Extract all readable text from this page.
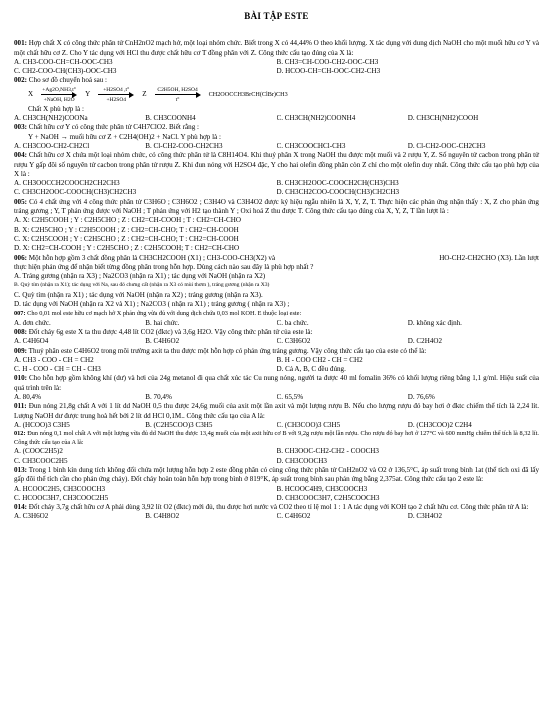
BÀI TẬP ESTE

001: Hợp chất X có công thức phân tử CnH2nO2 mạch hở, một loại nhóm chức. Biết trong X có 44,44% O theo khối lượng. X tác dụng với dung dịch NaOH cho một muối hữu cơ Y và một chất hữu cơ Z. Cho Y tác dụng với HCl thu được chất hữu cơ T đồng phân với Z. Công thức cấu tạo đúng của X là:

A. CH3-COO-CH=CH-OOC-CH3	B. CH3=CH-COO-CH2-OOC-CH3
C. CH2-COO-CH(CH3)-OOC-CH3	D. HCOO-CH=CH-OOC-CH2-CH3

002: Cho sơ đồ chuyển hoá sau :

X
+Ag2O,NH3,t°
+NaOH, H2O
Y
+H2SO4 ,t°
+H2SO4
Z
C2H5OH, H2SO4
t°
CH2OOCCH3BrCH(ClBr)CH3

Chất X phù hợp là :

A. CH3CH(NH2)COONa	B. CH3COONH4	C. CH3CH(NH2)COONH4	D. CH3CH(NH2)COOH

003: Chất hữu cơ Y có công thức phân tử C4H7ClO2. Biết rằng :

Y + NaOH → muối hữu cơ Z + C2H4(OH)2 + NaCl. Y phù hợp là :

A. CH3COO-CH2-CH2Cl	B. Cl-CH2-COO-CH2CH3	C. CH3COOCHCl-CH3	D. Cl-CH2-OOC-CH2CH3

004: Chất hữu cơ X chứa một loại nhóm chức, có công thức phân tử là C8H14O4. Khi thuỷ phân X trong NaOH thu được một muối và 2 rượu Y, Z. Số nguyên tử cacbon trong phân tử rượu Y gấp đôi số nguyên tử cacbon trong phân tử rượu Z. Khi đun nóng với H2SO4 đặc, Y cho hai olefin đồng phân còn Z chỉ cho một olefin duy nhất. Công thức cấu tạo phù hợp của X là :

A. CH3OOCCH2COOCH2CH2CH3	B. CH3CH2OOC-COOCH2CH(CH3)CH3
C. CH3CH2OOC-COOCH(CH3)CH2CH3	D. CH3CH2COO-COOCH(CH3)CH2CH3

005: Có 4 chất ứng với 4 công thức phân tử C3H6O ; C3H6O2 ; C3H4O và C3H4O2 được ký hiệu ngẫu nhiên là X, Y, Z, T. Thực hiện các phản ứng nhận thấy : X, Z cho phản ứng tráng gương ; Y, T phản ứng được với NaOH ; T phản ứng với H2 tạo thành Y ; Oxi hoá Z thu được T. Công thức cấu tạo đúng của X, Y, Z, T lần lượt là :

A. X: C2H5COOH ; Y : C2H5CHO ; Z : CH2=CH-COOH ; T : CH2=CH-CHO
B. X: C2H5CHO ; Y : C2H5COOH ; Z : CH2=CH-CHO; T : CH2=CH-COOH
C. X: C2H5COOH ; Y : C2H5CHO ; Z : CH2=CH-CHO; T : CH2=CH-COOH
D. X: CH2=CH-COOH ; Y : C2H5CHO ; Z : C2H5COOH; T : CH2=CH-CHO
006: Một hỗn hợp gồm 3 chất đồng phân là CH3CH2COOH (X1) ; CH3-COO-CH3(X2) và	HO-CH2-CH2CHO (X3). Lần lượt

thực hiện phản ứng để nhận biết từng đồng phân trong hỗn hợp. Dùng cách nào sau đây là phù hợp nhất ?

A. Tráng gương (nhận ra X3) ; Na2CO3 (nhận ra X1) ; tác dụng với NaOH (nhận ra X2)
B. Quỳ tím (nhận ra X1); tác dụng với Na, sau đó chưng cất (nhận ra X3 có mùi thơm ), tráng gương (nhận ra X3)
C. Quỳ tím (nhận ra X1) ; tác dụng với NaOH (nhận ra X2) ; tráng gương (nhận ra X3).
D. tác dụng với NaOH (nhận ra X2 và X1) ; Na2CO3 ( nhận ra X1) ; tráng gương ( nhận ra X3) ;

007: Cho 0,01 mol este hữu cơ mạch hở X phản ứng vừa đủ với dung dịch chứa 0,03 mol KOH. E thuộc loại este:

A. đơn chức.	B. hai chức.	C. ba chức.	D. không xác định.

008: Đốt cháy 6g este X ta thu được 4,48 lít CO2 (đktc) và 3,6g H2O. Vậy công thức phân tử của este là:

A. C4H6O4	B. C4H6O2	C. C3H6O2	D. C2H4O2

009: Thuỷ phân este C4H6O2 trong môi trường axit ta thu được một hỗn hợp có phản ứng tráng gương. Vậy công thức cấu tạo của este có thể là:

A. CH3 - COO - CH = CH2	B. H - COO CH2 - CH = CH2
C. H - COO - CH = CH - CH3	D. Cả A, B, C đều đúng.

010: Cho hỗn hợp gồm không khí (dư) và hơi của 24g metanol đi qua chất xúc tác Cu nung nóng, người ta được 40 ml fomalin 36% có khối lượng riêng bằng 1,1 g/ml. Hiệu suất của quá trình trên là:

A. 80,4%	B. 70,4%	C. 65,5%	D. 76,6%

011: Đun nóng 21,8g chất A với 1 lít dd NaOH 0,5 thu được 24,6g muối của axit một lần axit và một lượng rượu B. Nếu cho lượng rượu đó bay hơi ở đktc chiếm thể tích là 2,24 lít. Lượng NaOH dư được trung hoà hết bởi 2 lít dd HCl 0,1M.. Công thức cấu tạo của A là:

A. (HCOO)3 C3H5	B. (C2H5COO)3 C3H5	C. (CH3COO)3 C3H5	D. (CH3COO)2 C2H4

012: Đun nóng 0,1 mol chất A với một lượng vừa đủ dd NaOH thu được 13,4g muối của một axit hữu cơ B với 9,2g rượu một lần rượu. Cho rượu đó bay hơi ở 127°C và 600 mmHg chiếm thể tích là 8,32 lít. Công thức cấu tạo của A là:

A. (COOC2H5)2	B. CH3OOC-CH2-CH2 - COOCH3
C. CH3COOC2H5	D. CH3COOCH3

013: Trong 1 bình kín dung tích không đổi chứa một lượng hỗn hợp 2 este đồng phân có cùng công thức phân tử CnH2nO2 và O2 ở 136,5°C, áp suất trong bình 1at (thể tích oxi đã lấy gấp đôi thể tích cần cho phản ứng cháy). Đốt cháy hoàn toàn hỗn hợp trong bình ở 819°K, áp suất trong bình sau phản ứng bằng 2,375at. Công thức cấu tạo 2 este là:

A. HCOOC2H5, CH3COOCH3	B. HCOOC4H9, CH3COOCH3
C. HCOOC3H7, CH3COOC2H5	D. CH3COOC3H7, C2H5COOCH3

014: Đốt cháy 3,7g chất hữu cơ A phải dùng 3,92 lít O2 (đktc) mới đủ, thu được hơi nước và CO2 theo tỉ lệ mol 1 : 1 A tác dụng với KOH tạo 2 chất hữu cơ. Công thức phân tử A là:

A. C3H6O2	B. C4H8O2	C. C4H6O2	D. C3H4O2
